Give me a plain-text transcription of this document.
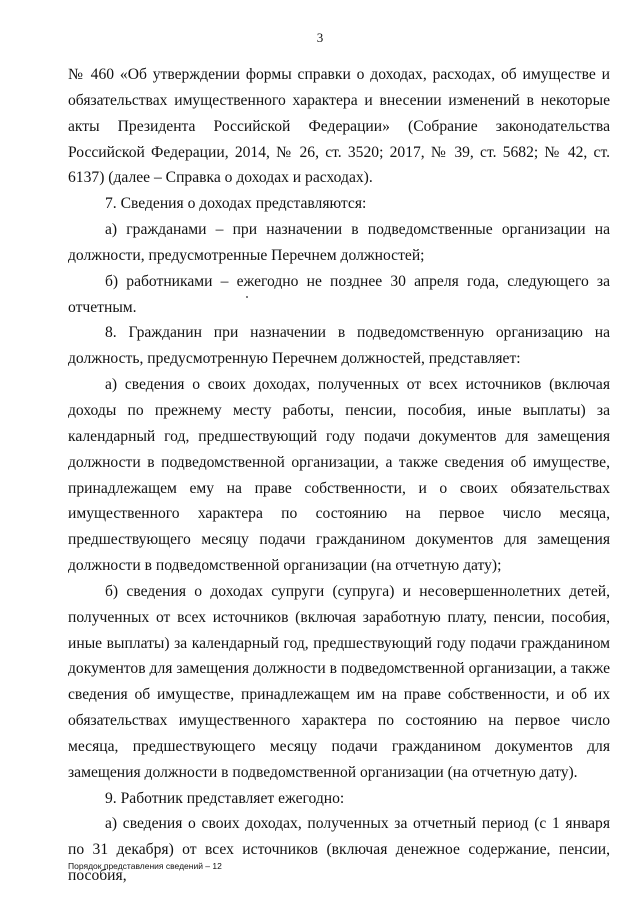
3

№ 460 «Об утверждении формы справки о доходах, расходах, об имуществе и обязательствах имущественного характера и внесении изменений в некоторые акты Президента Российской Федерации» (Собрание законодательства Российской Федерации, 2014, № 26, ст. 3520; 2017, № 39, ст. 5682; № 42, ст. 6137) (далее – Справка о доходах и расходах).

7. Сведения о доходах представляются:

а) гражданами – при назначении в подведомственные организации на должности, предусмотренные Перечнем должностей;

б) работниками – ежегодно не позднее 30 апреля года, следующего за отчетным.

8. Гражданин при назначении в подведомственную организацию на должность, предусмотренную Перечнем должностей, представляет:

а) сведения о своих доходах, полученных от всех источников (включая доходы по прежнему месту работы, пенсии, пособия, иные выплаты) за календарный год, предшествующий году подачи документов для замещения должности в подведомственной организации, а также сведения об имуществе, принадлежащем ему на праве собственности, и о своих обязательствах имущественного характера по состоянию на первое число месяца, предшествующего месяцу подачи гражданином документов для замещения должности в подведомственной организации (на отчетную дату);

б) сведения о доходах супруги (супруга) и несовершеннолетних детей, полученных от всех источников (включая заработную плату, пенсии, пособия, иные выплаты) за календарный год, предшествующий году подачи гражданином документов для замещения должности в подведомственной организации, а также сведения об имуществе, принадлежащем им на праве собственности, и об их обязательствах имущественного характера по состоянию на первое число месяца, предшествующего месяцу подачи гражданином документов для замещения должности в подведомственной организации (на отчетную дату).

9. Работник представляет ежегодно:

а) сведения о своих доходах, полученных за отчетный период (с 1 января по 31 декабря) от всех источников (включая денежное содержание, пенсии, пособия,

Порядок представления сведений – 12
